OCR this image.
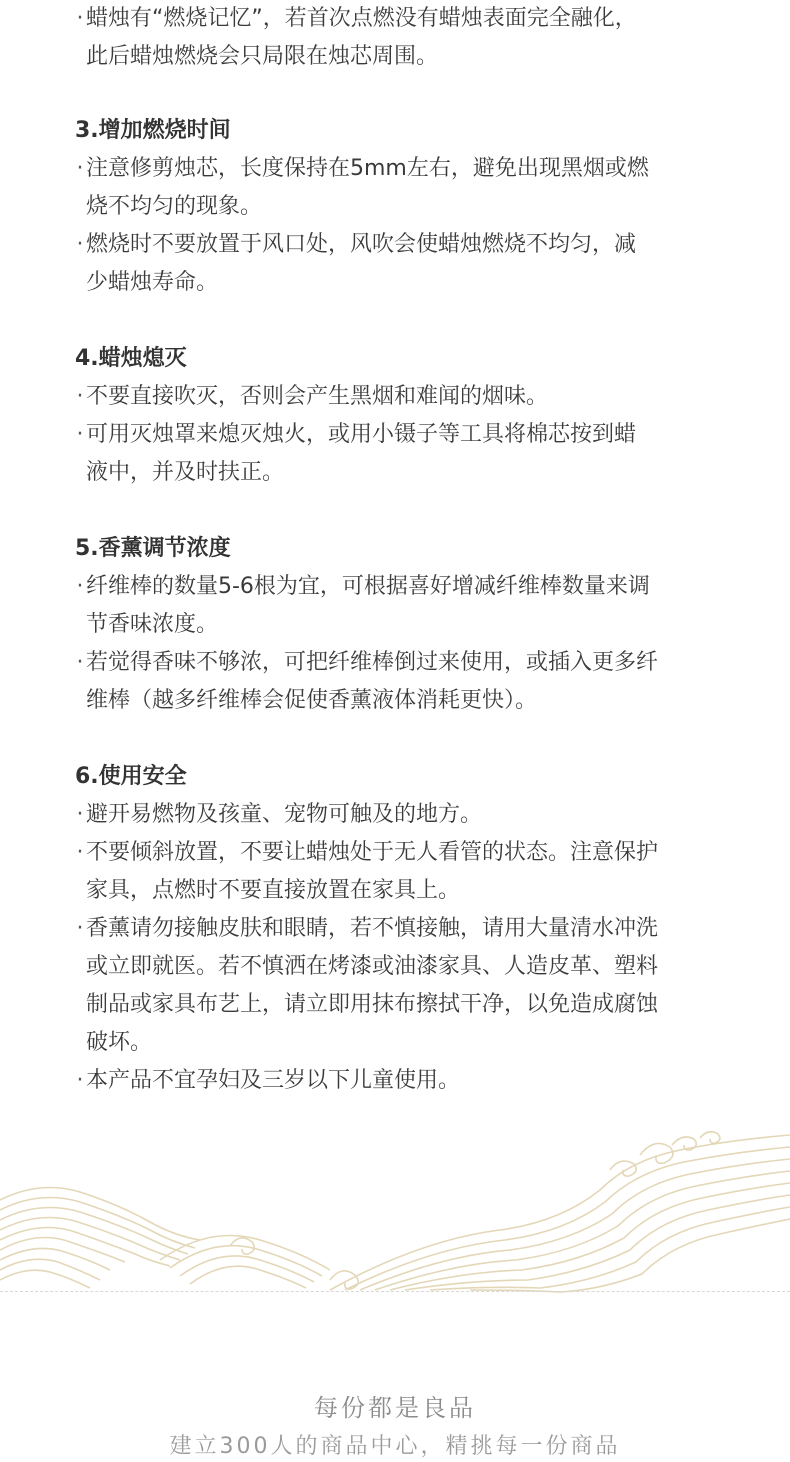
· 蜡烛有“燃烧记忆”，若首次点燃没有蜡烛表面完全融化，
此后蜡烛燃烧会只局限在烛芯周围。
3.增加燃烧时间
· 注意修剪烛芯，长度保持在5mm左右，避免出现黑烟或燃
烧不均匀的现象。
· 燃烧时不要放置于风口处，风吹会使蜡烛燃烧不均匀，减
少蜡烛寿命。
4.蜡烛熄灭
· 不要直接吹灭，否则会产生黑烟和难闻的烟味。
· 可用灭烛罩来熄灭烛火，或用小镊子等工具将棉芯按到蜡
液中，并及时扶正。
5.香薰调节浓度
· 纤维棒的数量5-6根为宜，可根据喜好增减纤维棒数量来调
节香味浓度。
· 若觉得香味不够浓，可把纤维棒倒过来使用，或插入更多纤
维棒（越多纤维棒会促使香薰液体消耗更快）。
6.使用安全
· 避开易燃物及孩童、宠物可触及的地方。
· 不要倾斜放置，不要让蜡烛处于无人看管的状态。注意保护
家具，点燃时不要直接放置在家具上。
· 香薰请勿接触皮肤和眼睛，若不慎接触，请用大量清水冲洗
或立即就医。若不慎洒在烤漆或油漆家具、人造皮革、塑料
制品或家具布艺上，请立即用抹布擦拭干净，以免造成腐蚀
破坏。
· 本产品不宜孕妇及三岁以下儿童使用。
每份都是良品
建立300人的商品中心，精挑每一份商品
